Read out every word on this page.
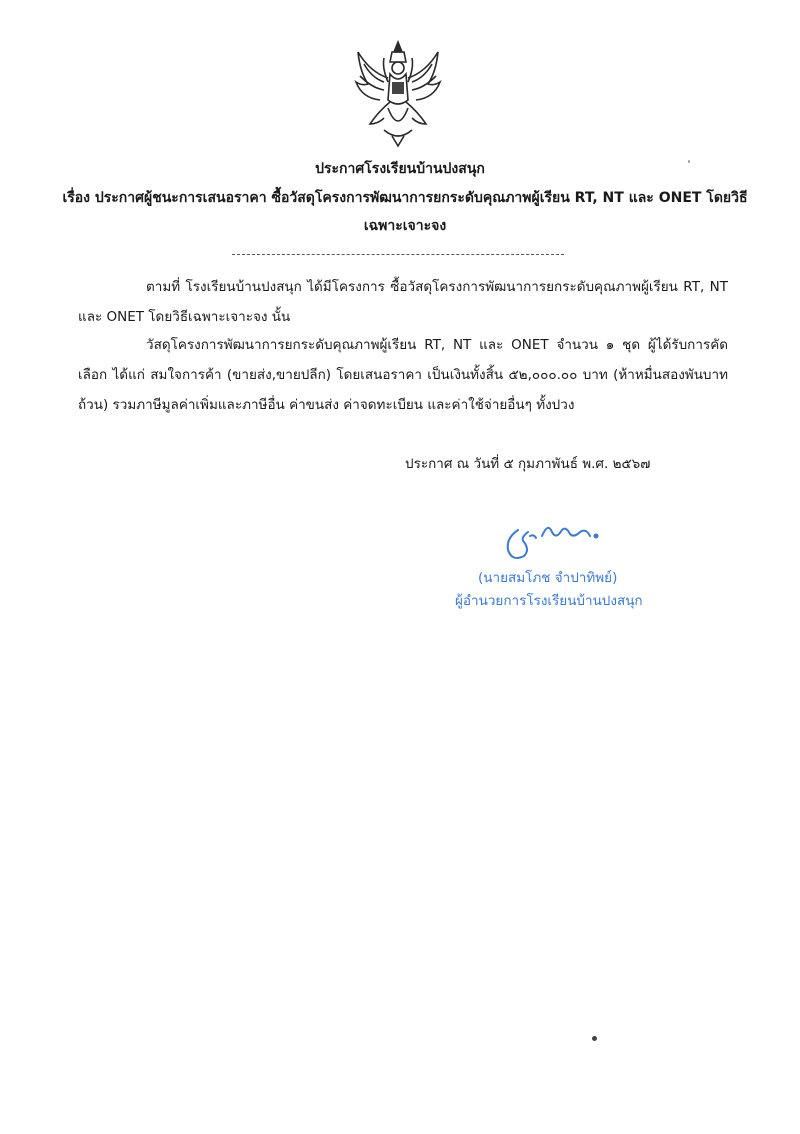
ประกาศโรงเรียนบ้านปงสนุก
เรื่อง ประกาศผู้ชนะการเสนอราคา ซื้อวัสดุโครงการพัฒนาการยกระดับคุณภาพผู้เรียน RT, NT และ ONET โดยวิธีเฉพาะเจาะจง
ตามที่ โรงเรียนบ้านปงสนุก ได้มีโครงการ ซื้อวัสดุโครงการพัฒนาการยกระดับคุณภาพผู้เรียน RT, NT และ ONET โดยวิธีเฉพาะเจาะจง นั้น
วัสดุโครงการพัฒนาการยกระดับคุณภาพผู้เรียน RT, NT และ ONET จำนวน ๑ ชุด ผู้ได้รับการคัดเลือก ได้แก่ สมใจการค้า (ขายส่ง,ขายปลีก) โดยเสนอราคา เป็นเงินทั้งสิ้น ๕๒,๐๐๐.๐๐ บาท (ห้าหมื่นสองพันบาทถ้วน) รวมภาษีมูลค่าเพิ่มและภาษีอื่น ค่าขนส่ง ค่าจดทะเบียน และค่าใช้จ่ายอื่นๆ ทั้งปวง
ประกาศ ณ วันที่ ๕ กุมภาพันธ์ พ.ศ. ๒๕๖๗
(นายสมโภช จำปาทิพย์)
ผู้อำนวยการโรงเรียนบ้านปงสนุก
